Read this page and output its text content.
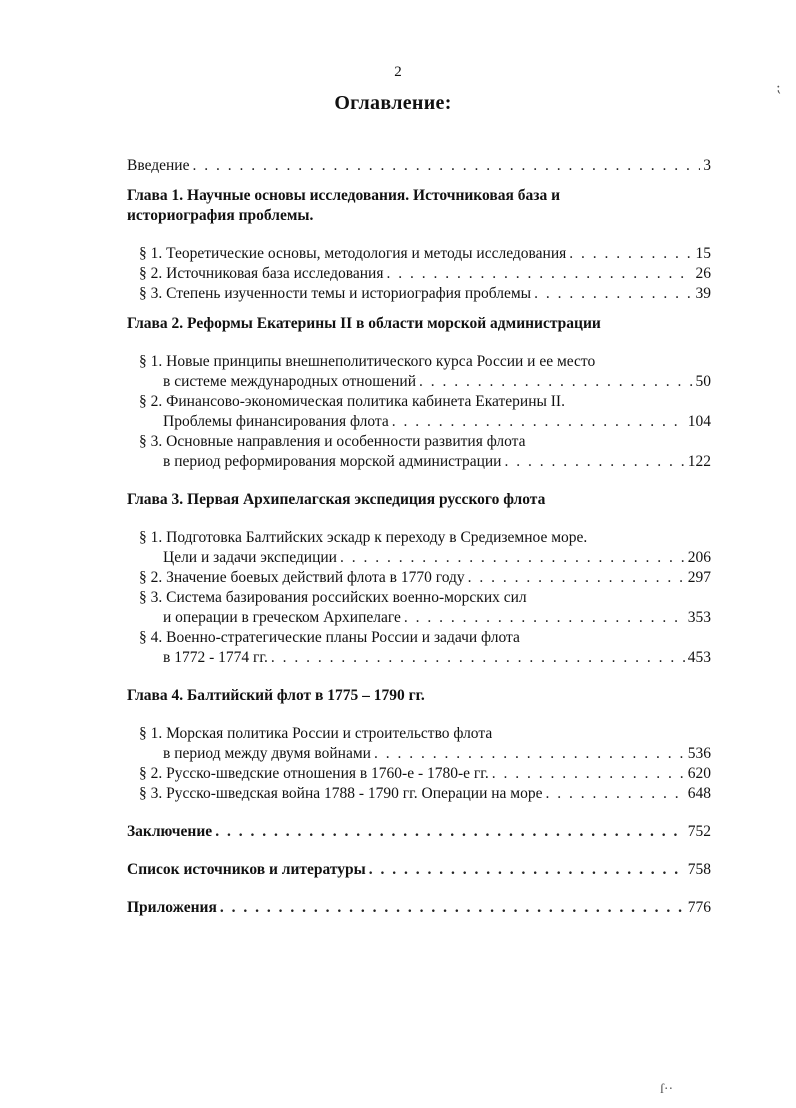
2
Оглавление:
Введение . . .	3
Глава 1. Научные основы исследования. Источниковая база и
историография проблемы.
§ 1. Теоретические основы, методология и методы исследования . . .	15
§ 2. Источниковая база исследования . . .	26
§ 3. Степень изученности темы и историография проблемы . . .	39
Глава 2. Реформы Екатерины II в области морской администрации
§ 1. Новые принципы внешнеполитического курса России и ее место
в системе международных отношений . . .	50
§ 2. Финансово-экономическая политика кабинета Екатерины II.
Проблемы финансирования флота . . .	104
§ 3. Основные направления и особенности развития флота
в период реформирования морской администрации . . .	122
Глава 3. Первая Архипелагская экспедиция русского флота
§ 1. Подготовка Балтийских эскадр к переходу в Средиземное море.
Цели и задачи экспедиции . . .	206
§ 2. Значение боевых действий флота в 1770 году . . .	297
§ 3. Система базирования российских военно-морских сил
и операции в греческом Архипелаге . . .	353
§ 4. Военно-стратегические планы России и задачи флота
в 1772 - 1774 гг. . . .	453
Глава 4. Балтийский флот в 1775 – 1790 гг.
§ 1. Морская политика России и строительство флота
в период между двумя войнами . . .	536
§ 2. Русско-шведские отношения в 1760-е - 1780-е гг. . . .	620
§ 3. Русско-шведская война 1788 - 1790 гг. Операции на море . . .	648
Заключение . . .	752
Список источников и литературы . . .	758
Приложения . . .	776
⁏
ſ··
